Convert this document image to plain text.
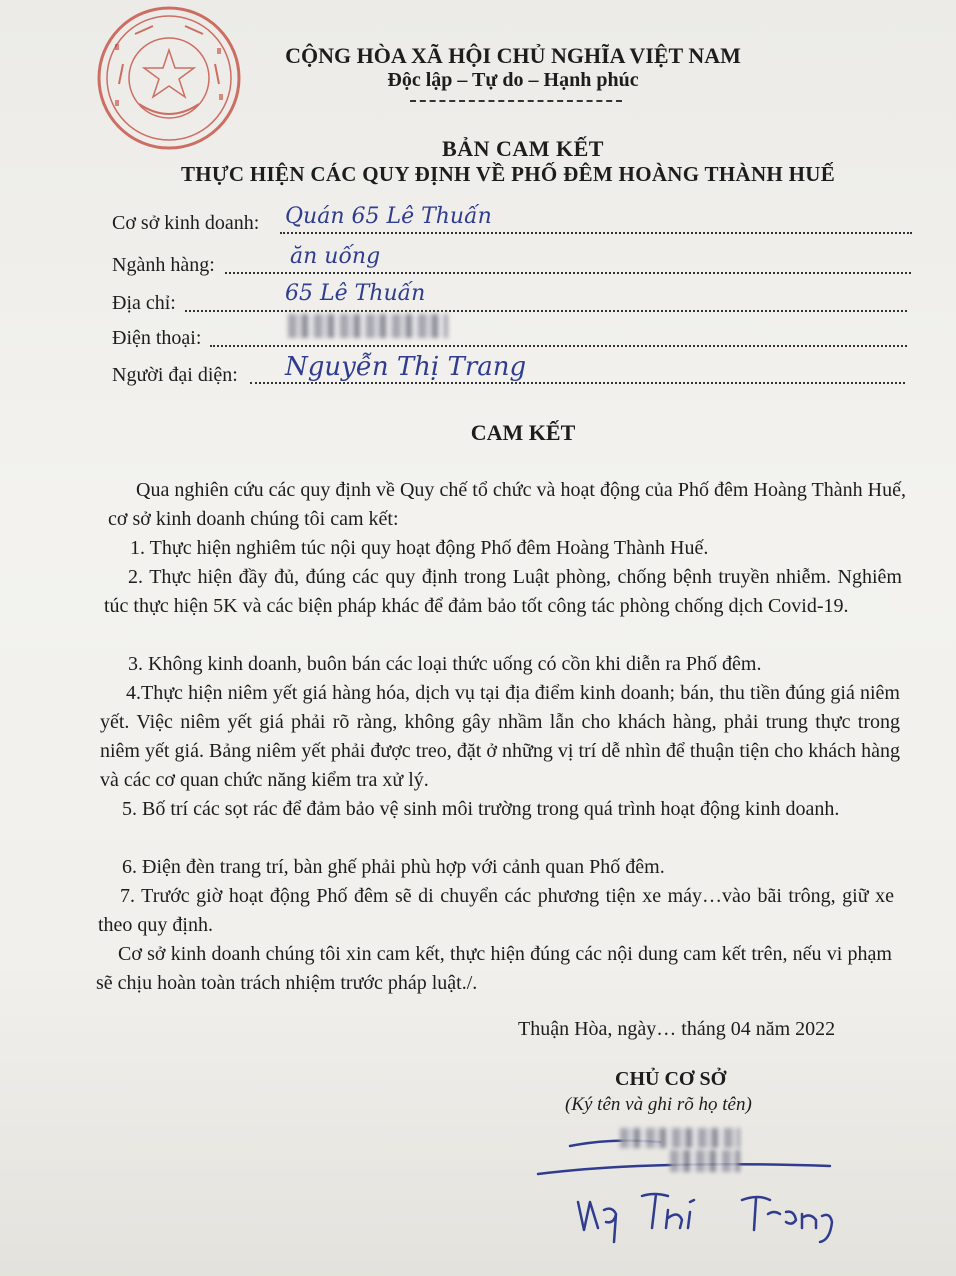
CỘNG HÒA XÃ HỘI CHỦ NGHĨA VIỆT NAM
Độc lập – Tự do – Hạnh phúc
BẢN CAM KẾT
THỰC HIỆN CÁC QUY ĐỊNH VỀ PHỐ ĐÊM HOÀNG THÀNH HUẾ
Cơ sở kinh doanh: Quán 65 Lê Thuấn
Ngành hàng:	ăn uống
Địa chỉ:	65 Lê Thuấn
Điện thoại:
Người đại diện: Nguyễn Thị Trang
CAM KẾT
Qua nghiên cứu các quy định về Quy chế tổ chức và hoạt động của Phố đêm Hoàng Thành Huế, cơ sở kinh doanh chúng tôi cam kết:
1. Thực hiện nghiêm túc nội quy hoạt động Phố đêm Hoàng Thành Huế.
2. Thực hiện đầy đủ, đúng các quy định trong Luật phòng, chống bệnh truyền nhiễm. Nghiêm túc thực hiện 5K và các biện pháp khác để đảm bảo tốt công tác phòng chống dịch Covid-19.
3. Không kinh doanh, buôn bán các loại thức uống có cồn khi diễn ra Phố đêm.
4.Thực hiện niêm yết giá hàng hóa, dịch vụ tại địa điểm kinh doanh; bán, thu tiền đúng giá niêm yết. Việc niêm yết giá phải rõ ràng, không gây nhầm lẫn cho khách hàng, phải trung thực trong niêm yết giá. Bảng niêm yết phải được treo, đặt ở những vị trí dễ nhìn để thuận tiện cho khách hàng và các cơ quan chức năng kiểm tra xử lý.
5. Bố trí các sọt rác để đảm bảo vệ sinh môi trường trong quá trình hoạt động kinh doanh.
6. Điện đèn trang trí, bàn ghế phải phù hợp với cảnh quan Phố đêm.
7. Trước giờ hoạt động Phố đêm sẽ di chuyển các phương tiện xe máy…vào bãi trông, giữ xe theo quy định.
Cơ sở kinh doanh chúng tôi xin cam kết, thực hiện đúng các nội dung cam kết trên, nếu vi phạm sẽ chịu hoàn toàn trách nhiệm trước pháp luật./.
Thuận Hòa, ngày… tháng 04 năm 2022
CHỦ CƠ SỞ
(Ký tên và ghi rõ họ tên)
